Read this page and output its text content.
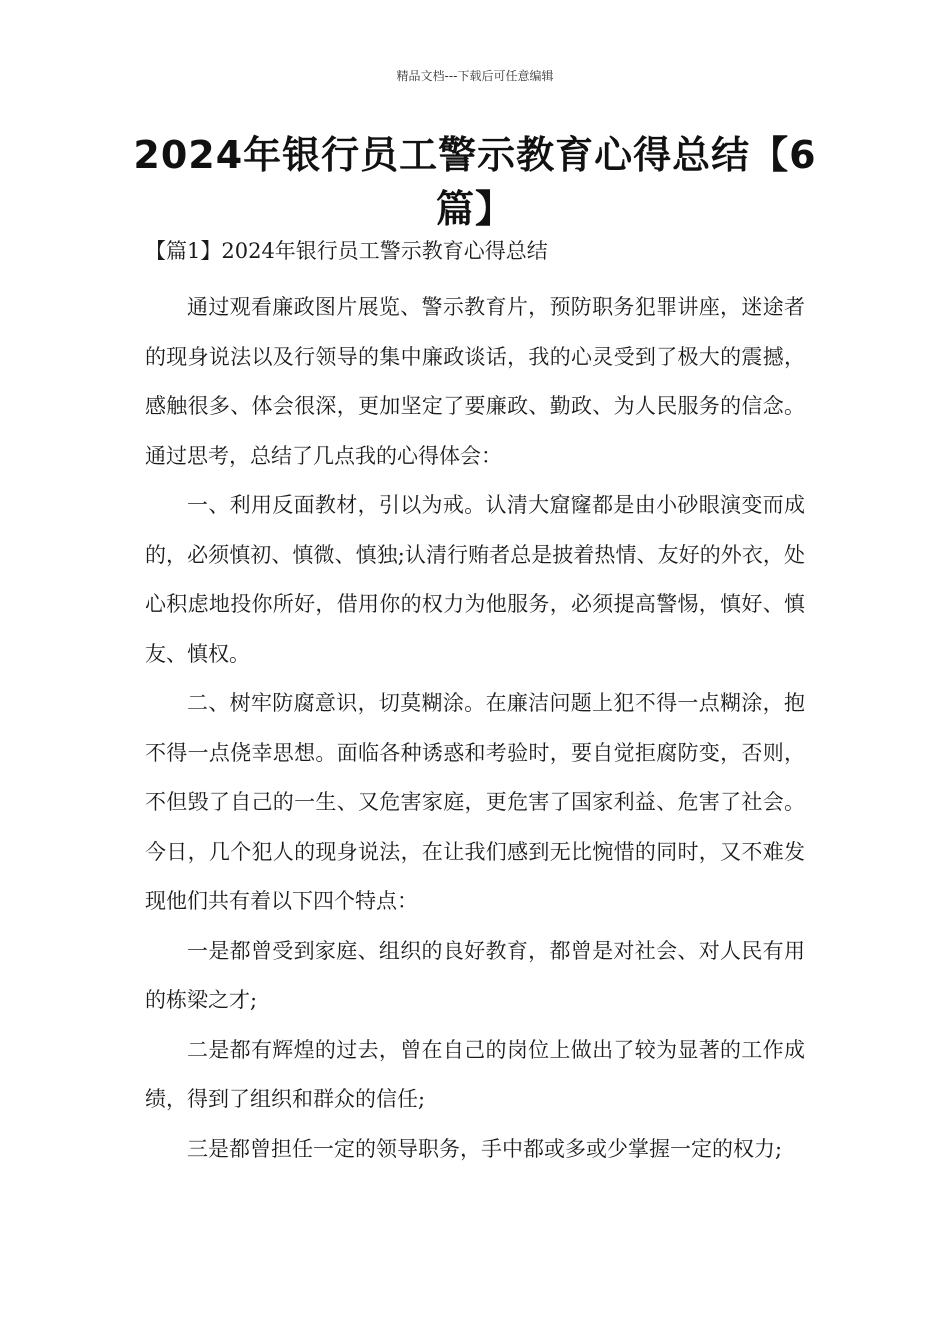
精品文档---下载后可任意编辑
2024年银行员工警示教育心得总结【6篇】
【篇1】2024年银行员工警示教育心得总结

通过观看廉政图片展览、警示教育片，预防职务犯罪讲座，迷途者的现身说法以及行领导的集中廉政谈话，我的心灵受到了极大的震撼，感触很多、体会很深，更加坚定了要廉政、勤政、为人民服务的信念。通过思考，总结了几点我的心得体会：

一、利用反面教材，引以为戒。认清大窟窿都是由小砂眼演变而成的，必须慎初、慎微、慎独;认清行贿者总是披着热情、友好的外衣，处心积虑地投你所好，借用你的权力为他服务，必须提高警惕，慎好、慎友、慎权。

二、树牢防腐意识，切莫糊涂。在廉洁问题上犯不得一点糊涂，抱不得一点侥幸思想。面临各种诱惑和考验时，要自觉拒腐防变，否则，不但毁了自己的一生、又危害家庭，更危害了国家利益、危害了社会。今日，几个犯人的现身说法，在让我们感到无比惋惜的同时，又不难发现他们共有着以下四个特点：

一是都曾受到家庭、组织的良好教育，都曾是对社会、对人民有用的栋梁之才;

二是都有辉煌的过去，曾在自己的岗位上做出了较为显著的工作成绩，得到了组织和群众的信任;

三是都曾担任一定的领导职务，手中都或多或少掌握一定的权力;
